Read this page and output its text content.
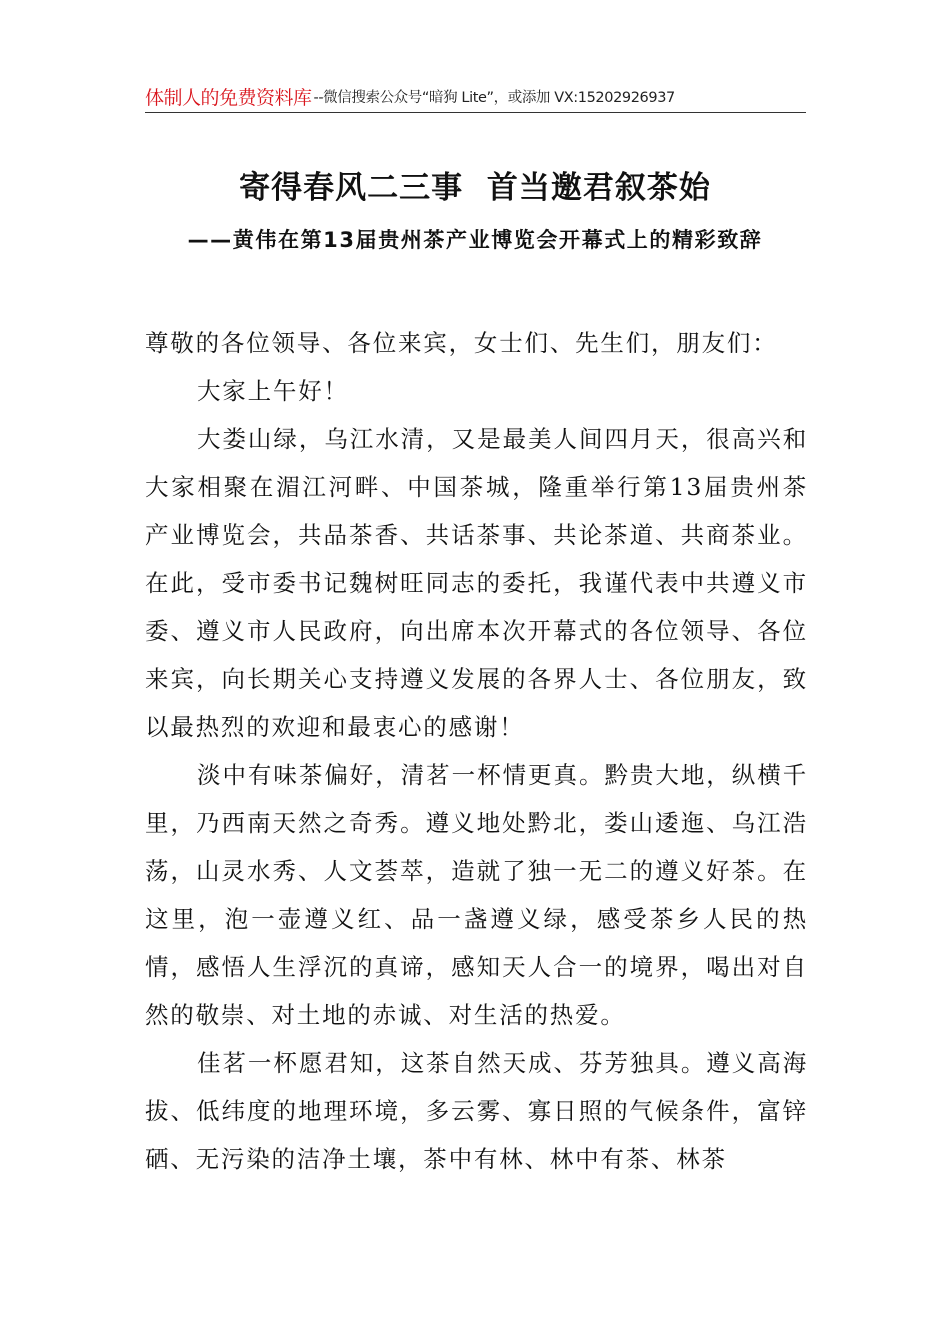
体制人的免费资料库 --微信搜索公众号“暗狗 Lite”，或添加 VX:15202926937
寄得春风二三事 首当邀君叙茶始
——黄伟在第13届贵州茶产业博览会开幕式上的精彩致辞

尊敬的各位领导、各位来宾，女士们、先生们，朋友们：

大家上午好！

大娄山绿，乌江水清，又是最美人间四月天，很高兴和大家相聚在湄江河畔、中国茶城，隆重举行第13届贵州茶产业博览会，共品茶香、共话茶事、共论茶道、共商茶业。在此，受市委书记魏树旺同志的委托，我谨代表中共遵义市委、遵义市人民政府，向出席本次开幕式的各位领导、各位来宾，向长期关心支持遵义发展的各界人士、各位朋友，致以最热烈的欢迎和最衷心的感谢！

淡中有味茶偏好，清茗一杯情更真。黔贵大地，纵横千里，乃西南天然之奇秀。遵义地处黔北，娄山逶迤、乌江浩荡，山灵水秀、人文荟萃，造就了独一无二的遵义好茶。在这里，泡一壶遵义红、品一盏遵义绿，感受茶乡人民的热情，感悟人生浮沉的真谛，感知天人合一的境界，喝出对自然的敬崇、对土地的赤诚、对生活的热爱。

佳茗一杯愿君知，这茶自然天成、芬芳独具。遵义高海拔、低纬度的地理环境，多云雾、寡日照的气候条件，富锌硒、无污染的洁净土壤，茶中有林、林中有茶、林茶
